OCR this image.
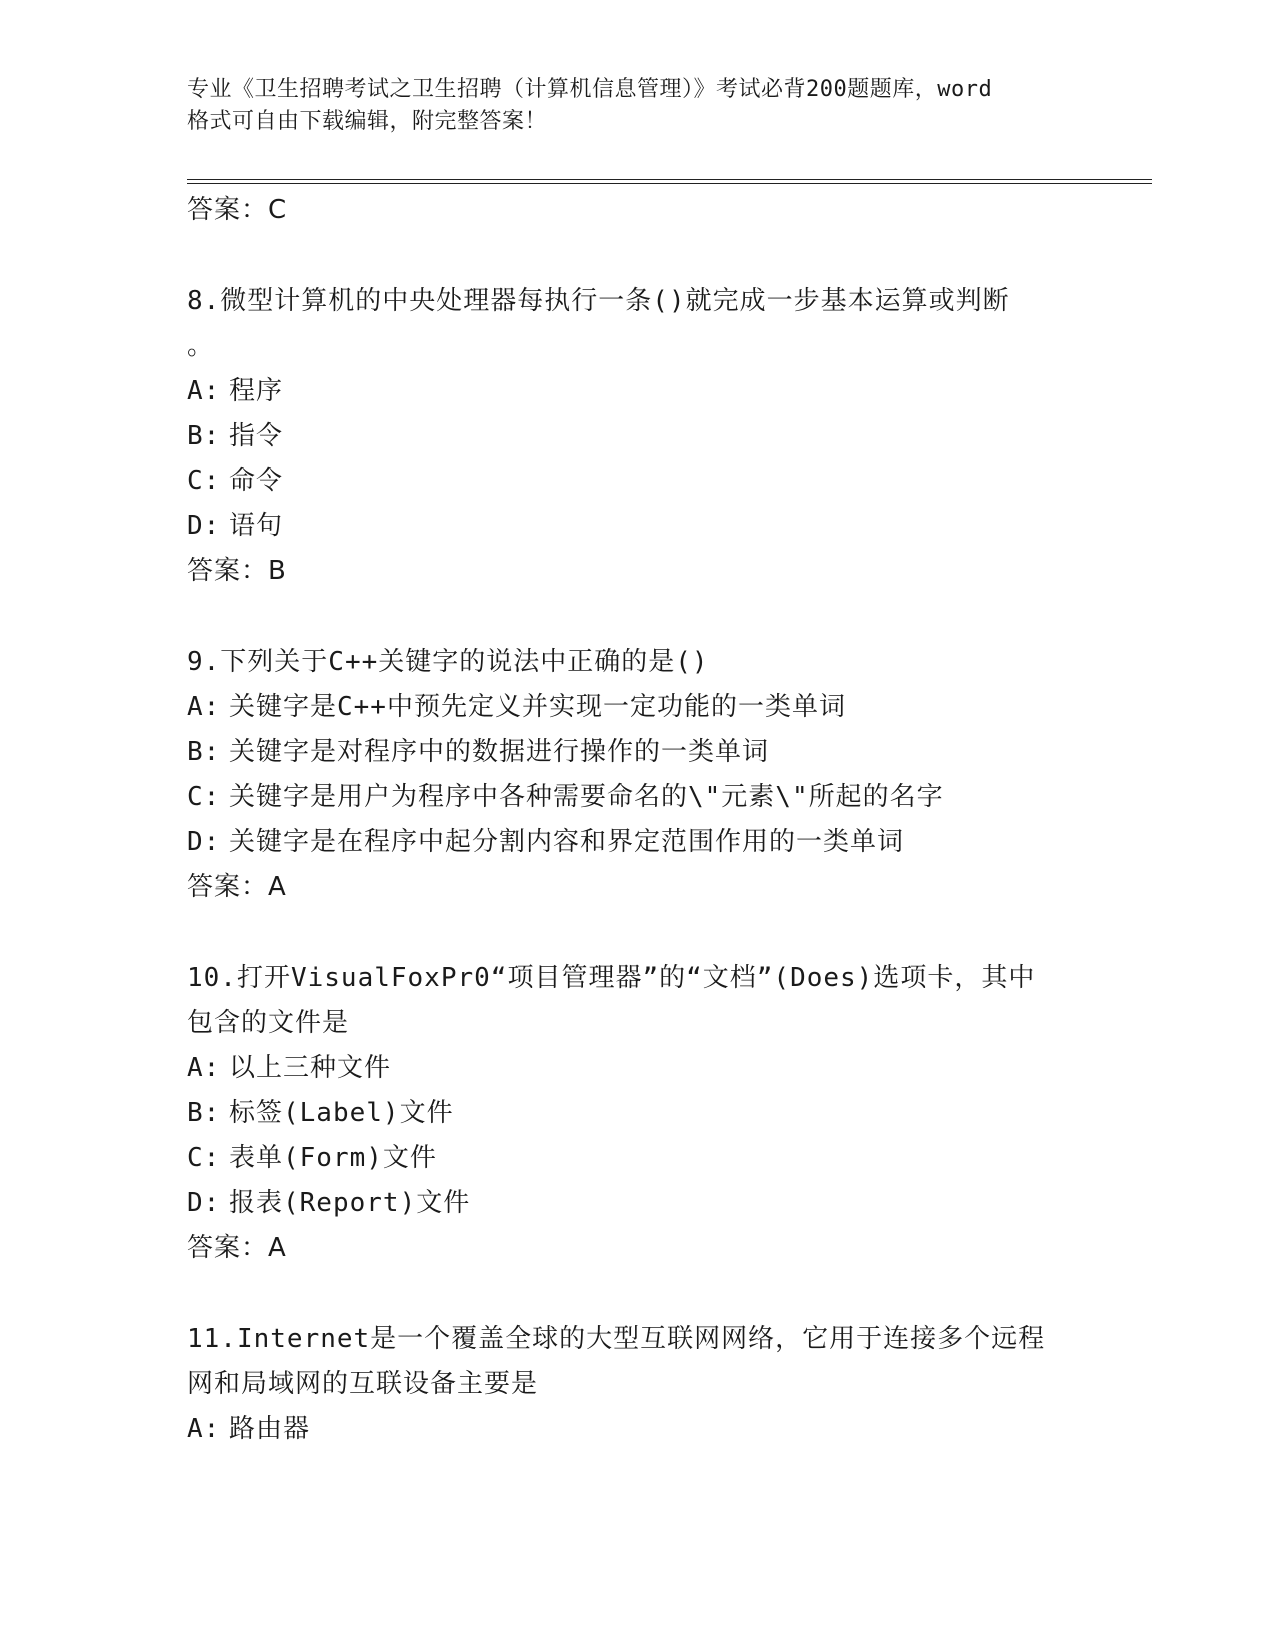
专业《卫生招聘考试之卫生招聘（计算机信息管理）》考试必背200题题库，word
格式可自由下载编辑，附完整答案！
答案：C
8.微型计算机的中央处理器每执行一条()就完成一步基本运算或判断
。
A: 程序
B: 指令
C: 命令
D: 语句
答案：B
9.下列关于C++关键字的说法中正确的是()
A: 关键字是C++中预先定义并实现一定功能的一类单词
B: 关键字是对程序中的数据进行操作的一类单词
C: 关键字是用户为程序中各种需要命名的\"元素\"所起的名字
D: 关键字是在程序中起分割内容和界定范围作用的一类单词
答案：A
10.打开VisualFoxPr0“项目管理器”的“文档”(Does)选项卡，其中
包含的文件是
A: 以上三种文件
B: 标签(Label)文件
C: 表单(Form)文件
D: 报表(Report)文件
答案：A
11.Internet是一个覆盖全球的大型互联网网络，它用于连接多个远程
网和局域网的互联设备主要是
A: 路由器
